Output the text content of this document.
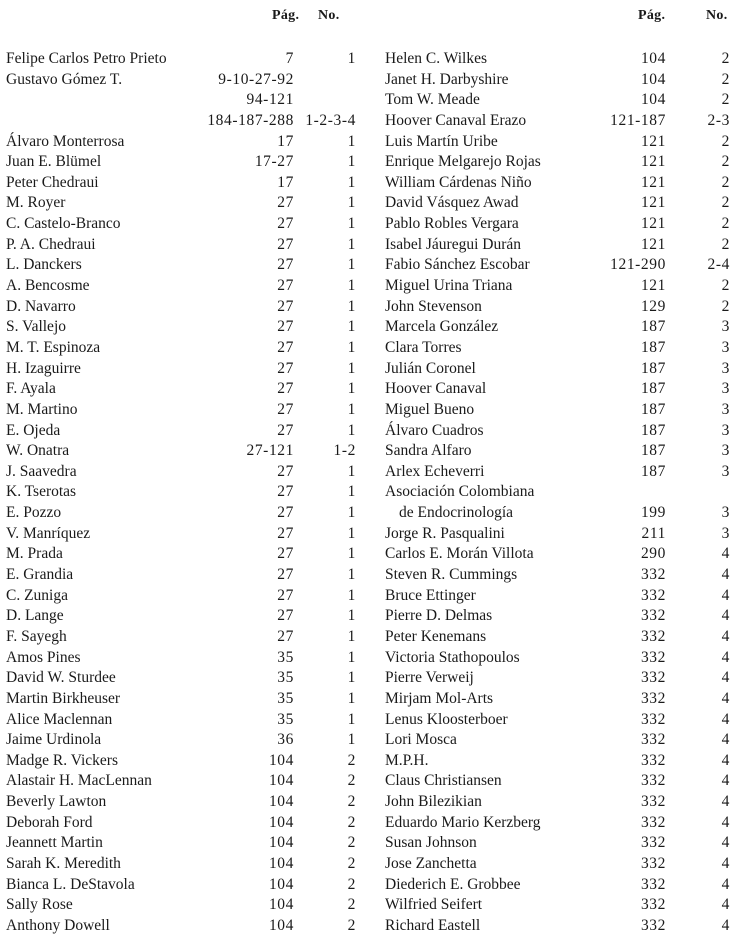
Pág. No.
Felipe Carlos Petro Prieto	7	1
Gustavo Gómez T.	9-10-27-92
94-121
184-187-288 1-2-3-4
Álvaro Monterrosa	17	1
Juan E. Blümel	17-27	1
Peter Chedraui	17	1
M. Royer	27	1
C. Castelo-Branco	27	1
P. A. Chedraui	27	1
L. Danckers	27	1
A. Bencosme	27	1
D. Navarro	27	1
S. Vallejo	27	1
M. T. Espinoza	27	1
H. Izaguirre	27	1
F. Ayala	27	1
M. Martino	27	1
E. Ojeda	27	1
W. Onatra	27-121	1-2
J. Saavedra	27	1
K. Tserotas	27	1
E. Pozzo	27	1
V. Manríquez	27	1
M. Prada	27	1
E. Grandia	27	1
C. Zuniga	27	1
D. Lange	27	1
F. Sayegh	27	1
Amos Pines	35	1
David W. Sturdee	35	1
Martin Birkheuser	35	1
Alice Maclennan	35	1
Jaime Urdinola	36	1
Madge R. Vickers	104	2
Alastair H. MacLennan	104	2
Beverly Lawton	104	2
Deborah Ford	104	2
Jeannett Martin	104	2
Sarah K. Meredith	104	2
Bianca L. DeStavola	104	2
Sally Rose	104	2
Anthony Dowell	104	2
Pág.	No.
Helen C. Wilkes	104	2
Janet H. Darbyshire	104	2
Tom W. Meade	104	2
Hoover Canaval Erazo	121-187	2-3
Luis Martín Uribe	121	2
Enrique Melgarejo Rojas	121	2
William Cárdenas Niño	121	2
David Vásquez Awad	121	2
Pablo Robles Vergara	121	2
Isabel Jáuregui Durán	121	2
Fabio Sánchez Escobar	121-290	2-4
Miguel Urina Triana	121	2
John Stevenson	129	2
Marcela González	187	3
Clara Torres	187	3
Julián Coronel	187	3
Hoover Canaval	187	3
Miguel Bueno	187	3
Álvaro Cuadros	187	3
Sandra Alfaro	187	3
Arlex Echeverri	187	3
Asociación Colombiana
de Endocrinología	199	3
Jorge R. Pasqualini	211	3
Carlos E. Morán Villota	290	4
Steven R. Cummings	332	4
Bruce Ettinger	332	4
Pierre D. Delmas	332	4
Peter Kenemans	332	4
Victoria Stathopoulos	332	4
Pierre Verweij	332	4
Mirjam Mol-Arts	332	4
Lenus Kloosterboer	332	4
Lori Mosca	332	4
M.P.H.	332	4
Claus Christiansen	332	4
John Bilezikian	332	4
Eduardo Mario Kerzberg	332	4
Susan Johnson	332	4
Jose Zanchetta	332	4
Diederich E. Grobbee	332	4
Wilfried Seifert	332	4
Richard Eastell	332	4
